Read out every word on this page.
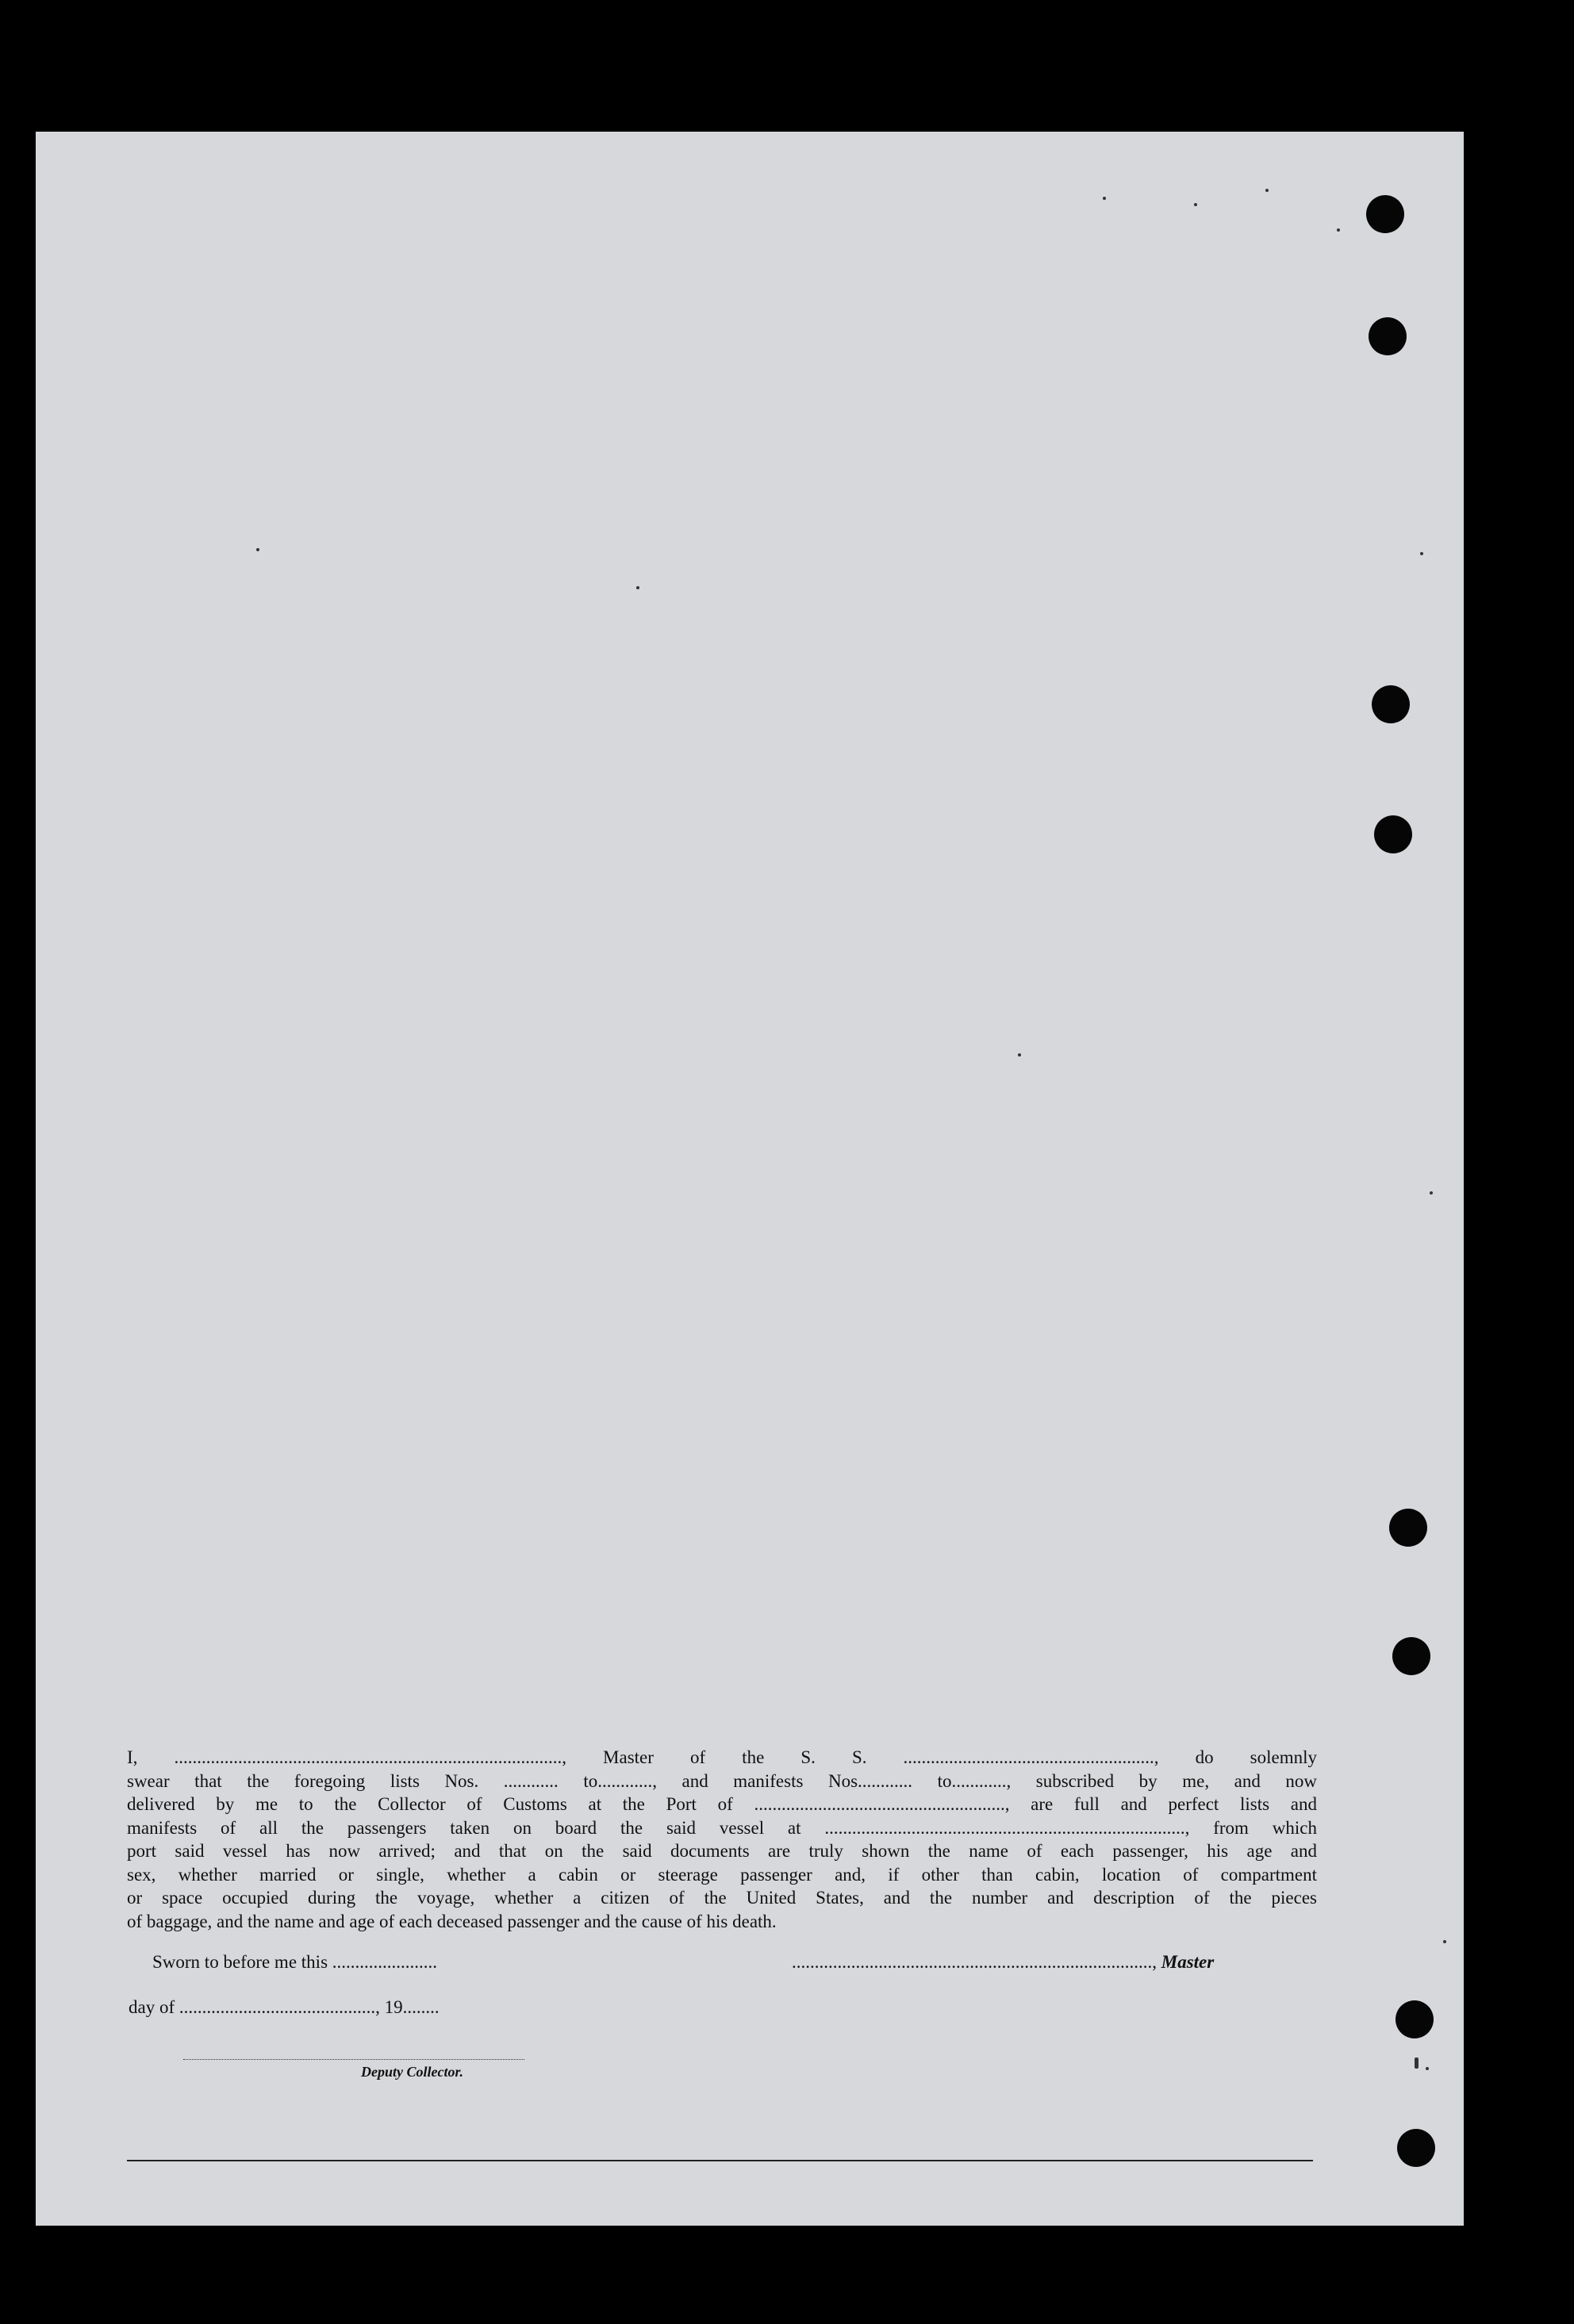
I, ....................................................................................., Master of the S. S. ......................................................., do solemnly
swear that the foregoing lists Nos. ............ to............, and manifests Nos............ to............, subscribed by me, and now
delivered by me to the Collector of Customs at the Port of ......................................................., are full and perfect lists and
manifests of all the passengers taken on board the said vessel at ..............................................................................., from which
port said vessel has now arrived; and that on the said documents are truly shown the name of each passenger, his age and
sex, whether married or single, whether a cabin or steerage passenger and, if other than cabin, location of compartment
or space occupied during the voyage, whether a citizen of the United States, and the number and description of the pieces
of baggage, and the name and age of each deceased passenger and the cause of his death.
Sworn to before me this .......................	..............................................................................., Master
day of ..........................................., 19........
Deputy Collector.
